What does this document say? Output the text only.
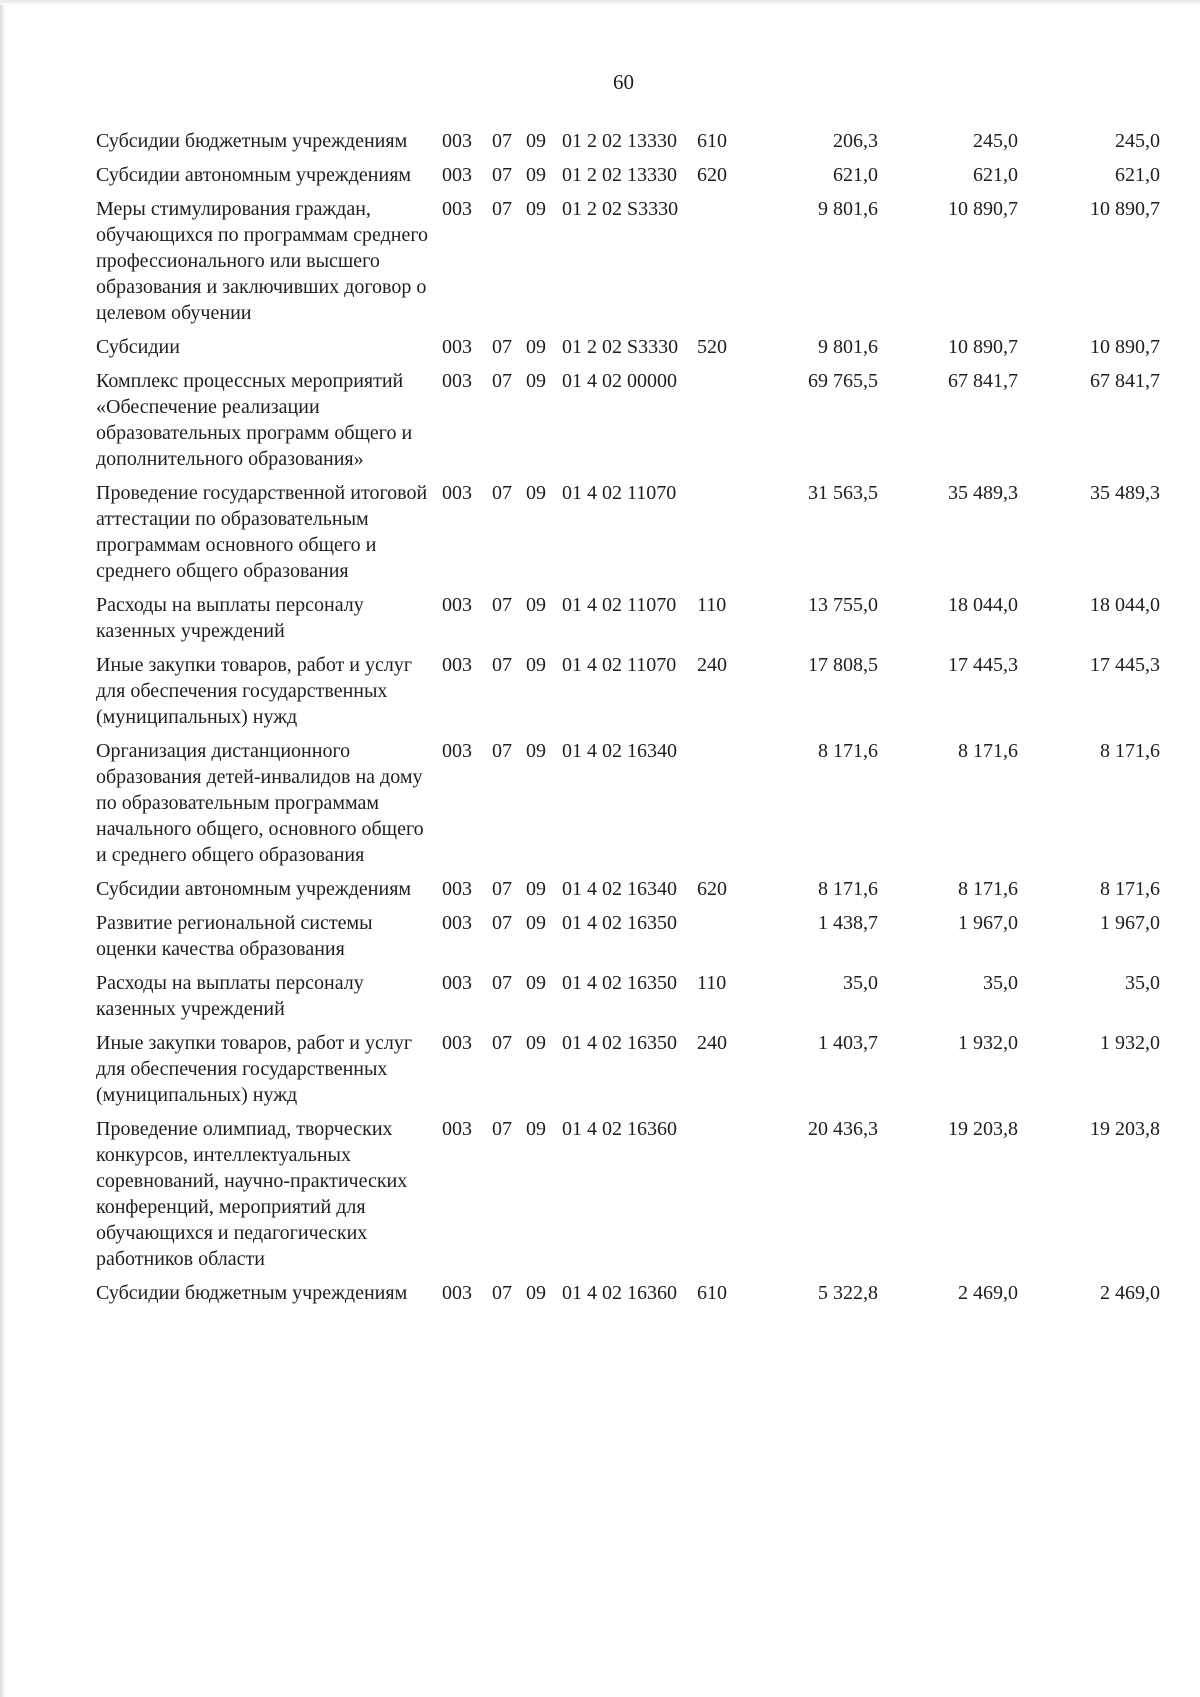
60
Субсидии бюджетным учреждениям		003	07	09	01 2 02 13330	610	206,3	245,0	245,0
Субсидии автономным учреждениям		003	07	09	01 2 02 13330	620	621,0	621,0	621,0
Меры стимулирования граждан, обучающихся по программам среднего профессионального или высшего образования и заключивших договор о целевом обучении		003	07	09	01 2 02 S3330		9 801,6	10 890,7	10 890,7
Субсидии		003	07	09	01 2 02 S3330	520	9 801,6	10 890,7	10 890,7
Комплекс процессных мероприятий «Обеспечение реализации образовательных программ общего и дополнительного образования»		003	07	09	01 4 02 00000		69 765,5	67 841,7	67 841,7
Проведение государственной итоговой аттестации по образовательным программам основного общего и среднего общего образования		003	07	09	01 4 02 11070		31 563,5	35 489,3	35 489,3
Расходы на выплаты персоналу казенных учреждений		003	07	09	01 4 02 11070	110	13 755,0	18 044,0	18 044,0
Иные закупки товаров, работ и услуг для обеспечения государственных (муниципальных) нужд		003	07	09	01 4 02 11070	240	17 808,5	17 445,3	17 445,3
Организация дистанционного образования детей-инвалидов на дому по образовательным программам начального общего, основного общего и среднего общего образования		003	07	09	01 4 02 16340		8 171,6	8 171,6	8 171,6
Субсидии автономным учреждениям		003	07	09	01 4 02 16340	620	8 171,6	8 171,6	8 171,6
Развитие региональной системы оценки качества образования		003	07	09	01 4 02 16350		1 438,7	1 967,0	1 967,0
Расходы на выплаты персоналу казенных учреждений		003	07	09	01 4 02 16350	110	35,0	35,0	35,0
Иные закупки товаров, работ и услуг для обеспечения государственных (муниципальных) нужд		003	07	09	01 4 02 16350	240	1 403,7	1 932,0	1 932,0
Проведение олимпиад, творческих конкурсов, интеллектуальных соревнований, научно-практических конференций, мероприятий для обучающихся и педагогических работников области		003	07	09	01 4 02 16360		20 436,3	19 203,8	19 203,8
Субсидии бюджетным учреждениям		003	07	09	01 4 02 16360	610	5 322,8	2 469,0	2 469,0
